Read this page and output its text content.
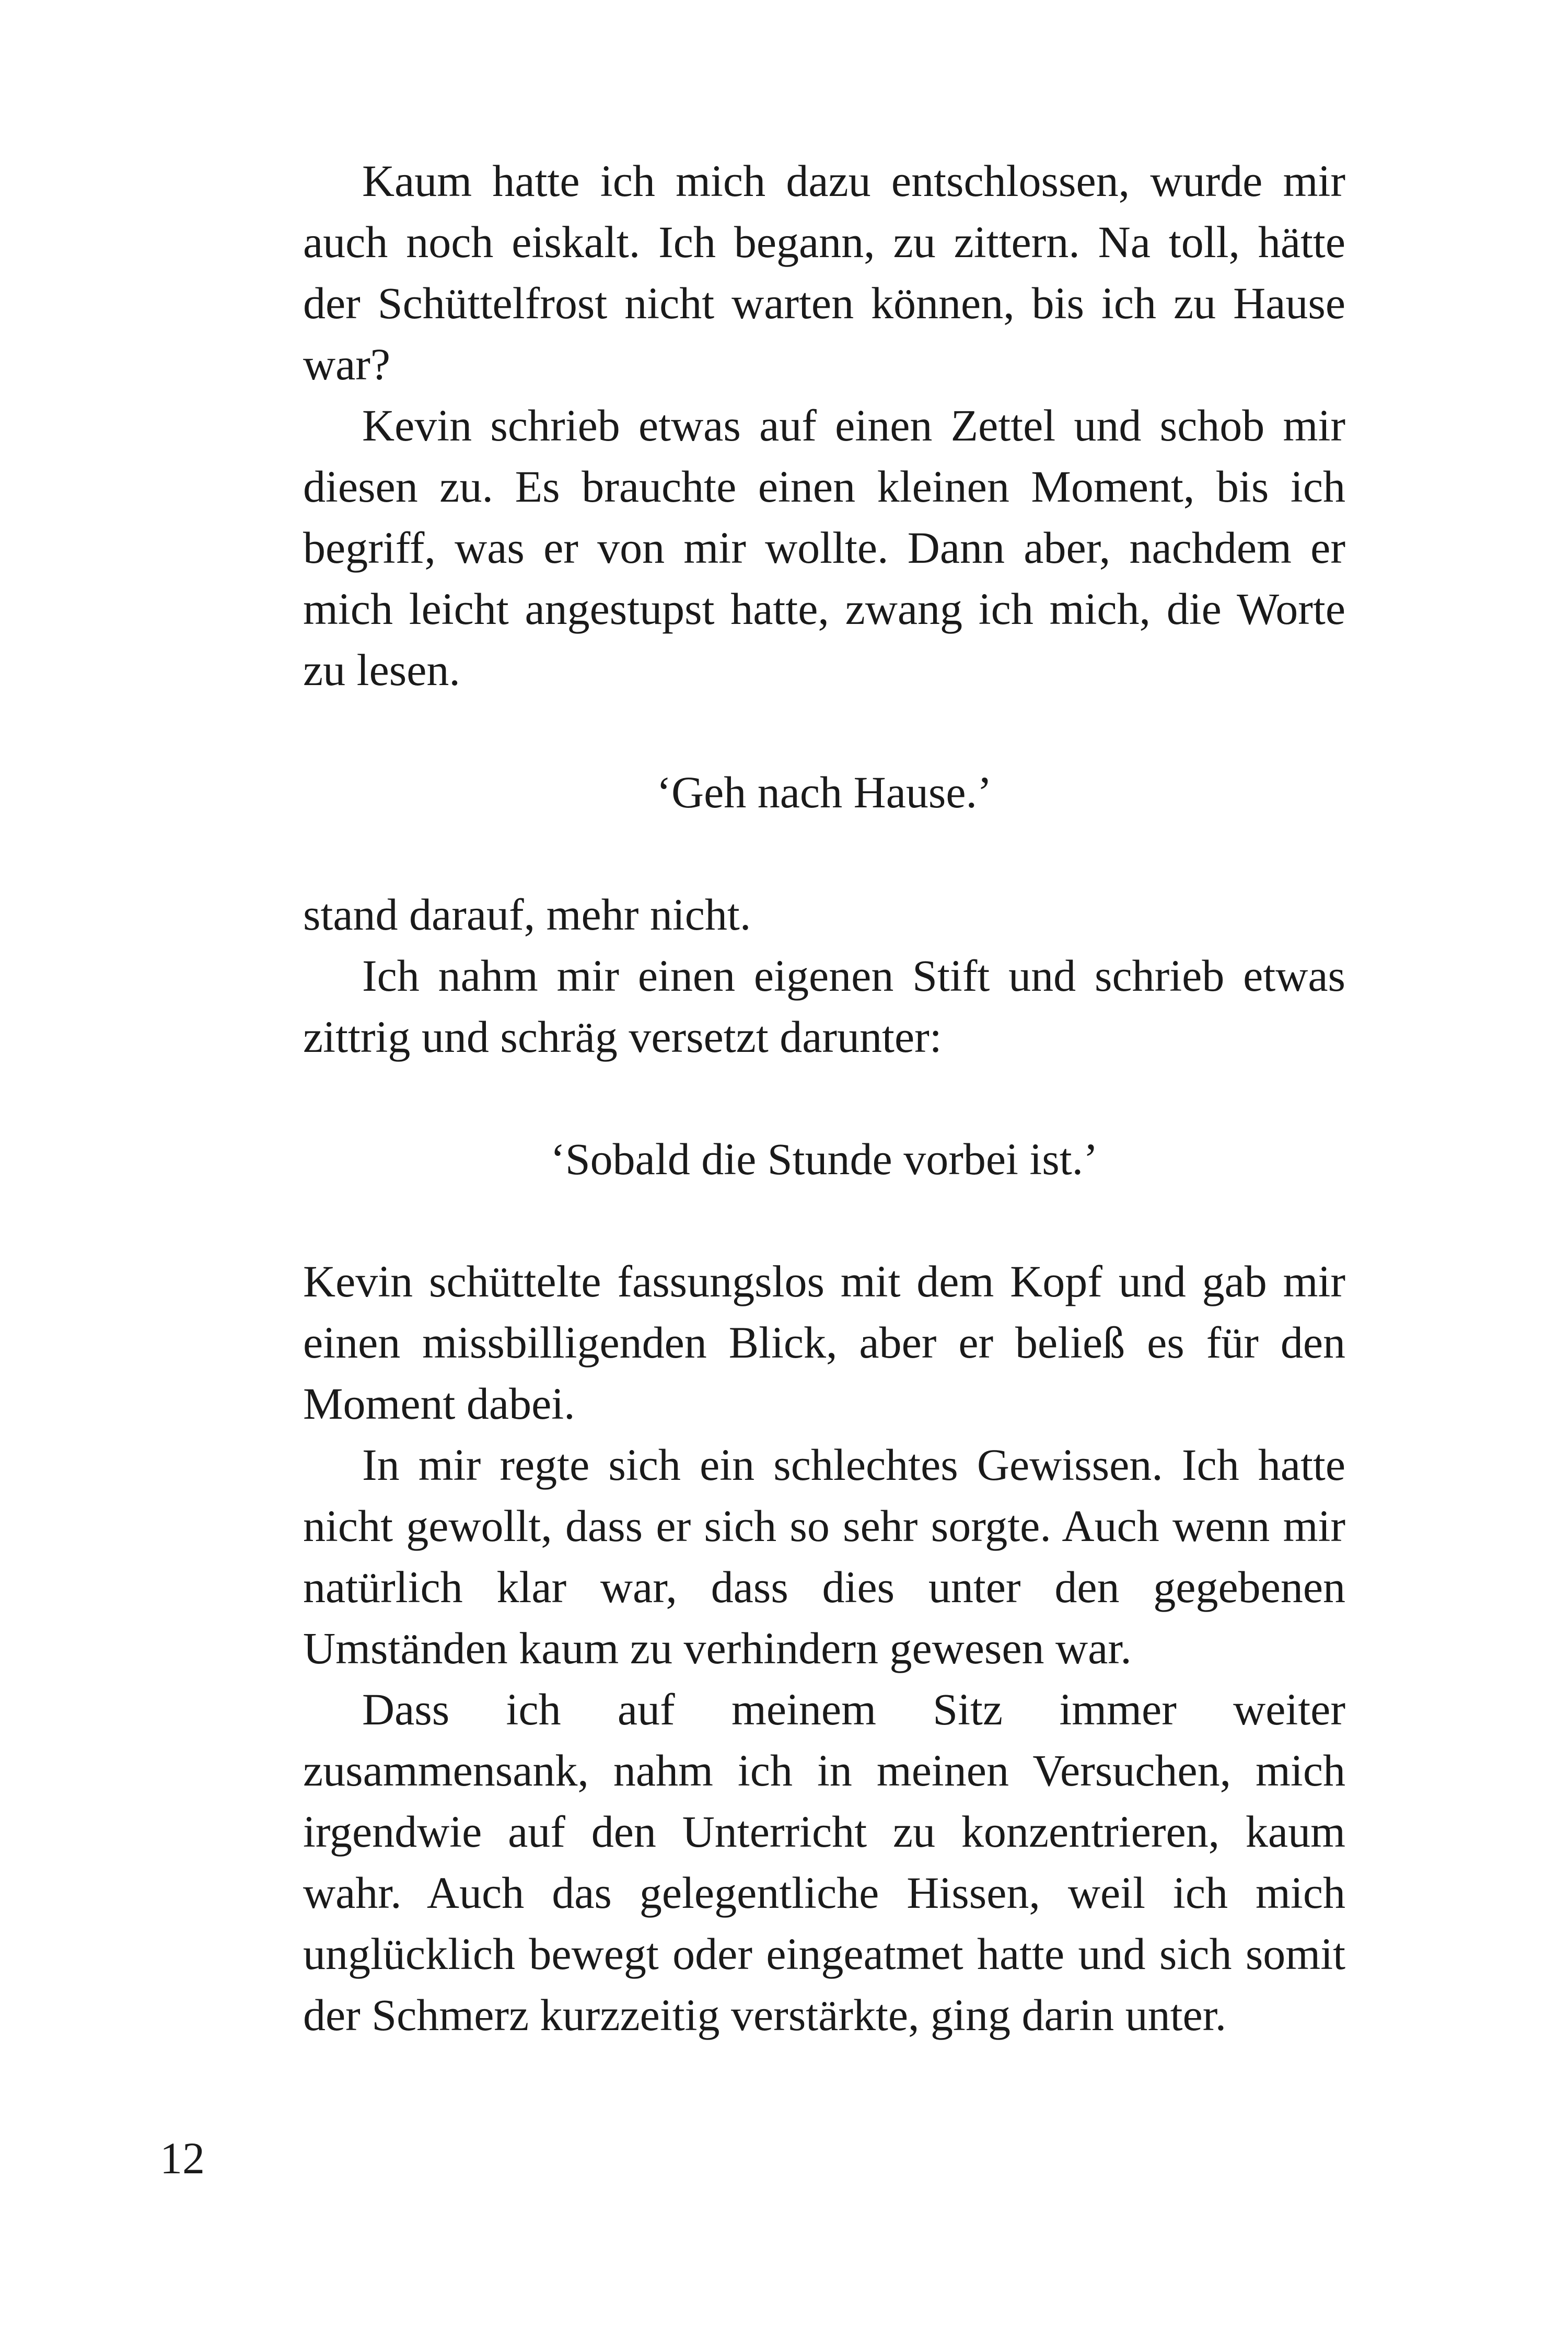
Kaum hatte ich mich dazu entschlossen, wurde mir auch noch eiskalt. Ich begann, zu zittern. Na toll, hätte der Schüttelfrost nicht warten können, bis ich zu Hause war?

Kevin schrieb etwas auf einen Zettel und schob mir diesen zu. Es brauchte einen kleinen Moment, bis ich begriff, was er von mir wollte. Dann aber, nachdem er mich leicht angestupst hatte, zwang ich mich, die Worte zu lesen.

‘Geh nach Hause.’

stand darauf, mehr nicht.

Ich nahm mir einen eigenen Stift und schrieb etwas zittrig und schräg versetzt darunter:

‘Sobald die Stunde vorbei ist.’

Kevin schüttelte fassungslos mit dem Kopf und gab mir einen missbilligenden Blick, aber er beließ es für den Moment dabei.

In mir regte sich ein schlechtes Gewissen. Ich hatte nicht gewollt, dass er sich so sehr sorgte. Auch wenn mir natürlich klar war, dass dies unter den gegebenen Umständen kaum zu verhindern gewesen war.

Dass ich auf meinem Sitz immer weiter zusammensank, nahm ich in meinen Versuchen, mich irgendwie auf den Unterricht zu konzentrieren, kaum wahr. Auch das gelegentliche Hissen, weil ich mich unglücklich bewegt oder eingeatmet hatte und sich somit der Schmerz kurzzeitig verstärkte, ging darin unter.

12
